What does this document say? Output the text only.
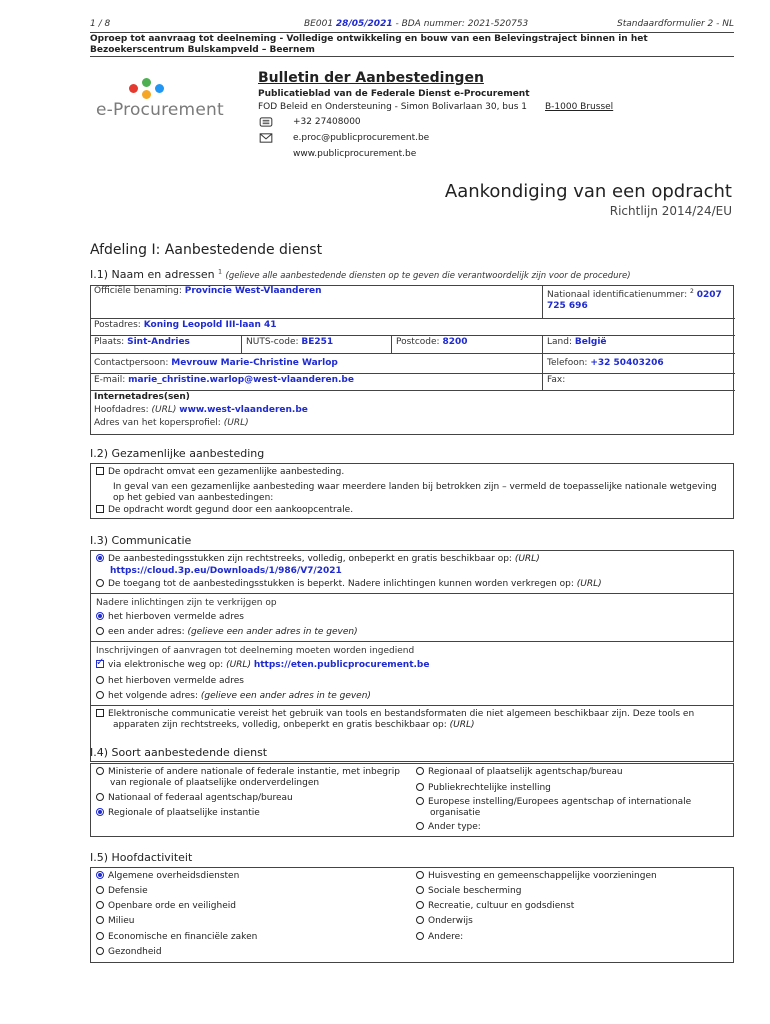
1 / 8	BE001 28/05/2021 - BDA nummer: 2021-520753	Standaardformulier 2 - NL
Oproep tot aanvraag tot deelneming - Volledige ontwikkeling en bouw van een Belevingstraject binnen in het Bezoekerscentrum Bulskampveld – Beernem
e-Procurement
Bulletin der Aanbestedingen
Publicatieblad van de Federale Dienst e-Procurement
FOD Beleid en Ondersteuning - Simon Bolivarlaan 30, bus 1 B-1000 Brussel
+32 27408000
e.proc@publicprocurement.be
www.publicprocurement.be
Aankondiging van een opdracht
Richtlijn 2014/24/EU
Afdeling I: Aanbestedende dienst
I.1) Naam en adressen $^1$ (gelieve alle aanbestedende diensten op te geven die verantwoordelijk zijn voor de procedure)
Officiële benaming: Provincie West-Vlaanderen	Nationaal identificatienummer: $^2$ 0207
725 696
Postadres: Koning Leopold III-laan 41
Plaats: Sint-Andries	NUTS-code: BE251	Postcode: 8200	Land: België
Contactpersoon: Mevrouw Marie-Christine Warlop	Telefoon: +32 50403206
E-mail: marie_christine.warlop@west-vlaanderen.be	Fax:
Internetadres(sen)
Hoofdadres: (URL) www.west-vlaanderen.be
Adres van het kopersprofiel: (URL)
I.2) Gezamenlijke aanbesteding
De opdracht omvat een gezamenlijke aanbesteding.
In geval van een gezamenlijke aanbesteding waar meerdere landen bij betrokken zijn – vermeld de toepasselijke nationale wetgeving
op het gebied van aanbestedingen:
De opdracht wordt gegund door een aankoopcentrale.
I.3) Communicatie
De aanbestedingsstukken zijn rechtstreeks, volledig, onbeperkt en gratis beschikbaar op: (URL)
https://cloud.3p.eu/Downloads/1/986/V7/2021
De toegang tot de aanbestedingsstukken is beperkt. Nadere inlichtingen kunnen worden verkregen op: (URL)
Nadere inlichtingen zijn te verkrijgen op
het hierboven vermelde adres
een ander adres: (gelieve een ander adres in te geven)
Inschrijvingen of aanvragen tot deelneming moeten worden ingediend
✓via elektronische weg op: (URL) https://eten.publicprocurement.be
het hierboven vermelde adres
het volgende adres: (gelieve een ander adres in te geven)
Elektronische communicatie vereist het gebruik van tools en bestandsformaten die niet algemeen beschikbaar zijn. Deze tools en
apparaten zijn rechtstreeks, volledig, onbeperkt en gratis beschikbaar op: (URL)
I.4) Soort aanbestedende dienst
Ministerie of andere nationale of federale instantie, met inbegrip
van regionale of plaatselijke onderverdelingen
Nationaal of federaal agentschap/bureau
Regionale of plaatselijke instantie
Regionaal of plaatselijk agentschap/bureau
Publiekrechtelijke instelling
Europese instelling/Europees agentschap of internationale
organisatie
Ander type:
I.5) Hoofdactiviteit
Algemene overheidsdiensten
Defensie
Openbare orde en veiligheid
Milieu
Economische en financiële zaken
Gezondheid
Huisvesting en gemeenschappelijke voorzieningen
Sociale bescherming
Recreatie, cultuur en godsdienst
Onderwijs
Andere:
